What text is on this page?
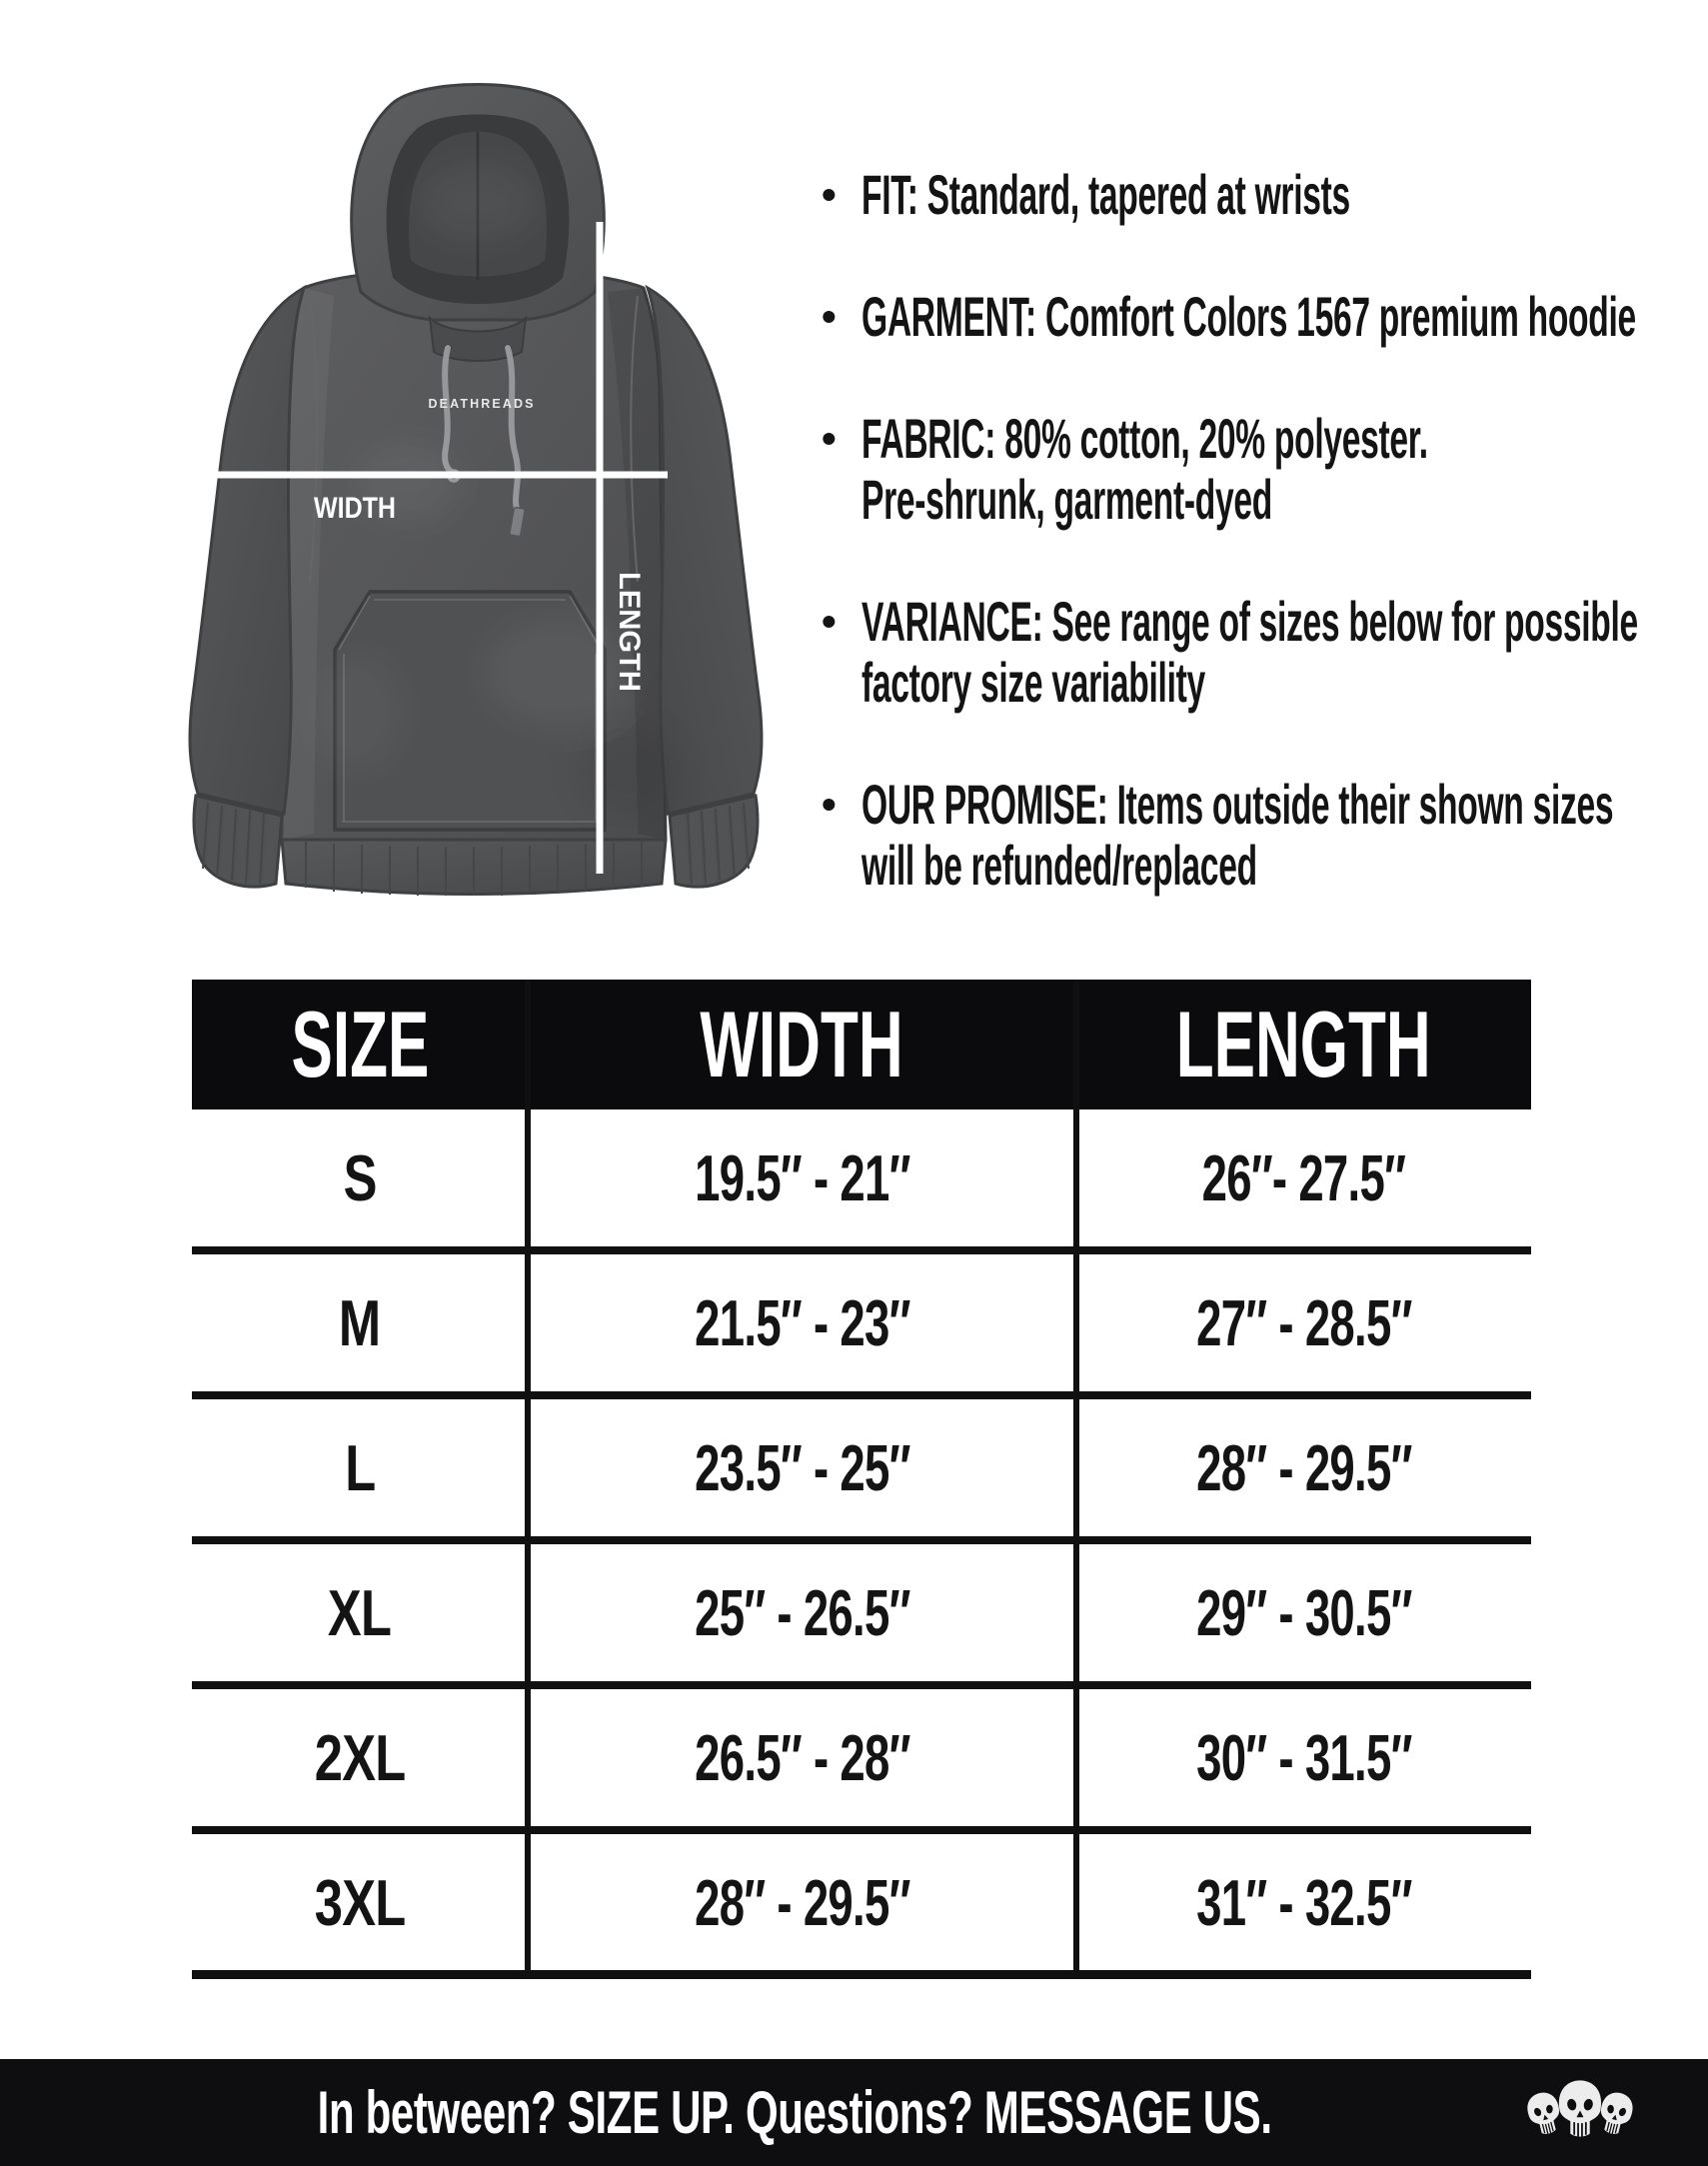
DEATHREADS
WIDTH
LENGTH
• FIT: Standard, tapered at wrists
• GARMENT: Comfort Colors 1567 premium hoodie
• FABRIC: 80% cotton, 20% polyester.
Pre-shrunk, garment-dyed
• VARIANCE: See range of sizes below for possible
factory size variability
• OUR PROMISE: Items outside their shown sizes
will be refunded/replaced
SIZE	WIDTH	LENGTH
S	19.5″ - 21″	26″- 27.5″
M	21.5″ - 23″	27″ - 28.5″
L	23.5″ - 25″	28″ - 29.5″
XL	25″ - 26.5″	29″ - 30.5″
2XL	26.5″ - 28″	30″ - 31.5″
3XL	28″ - 29.5″	31″ - 32.5″
In between? SIZE UP. Questions? MESSAGE US.
